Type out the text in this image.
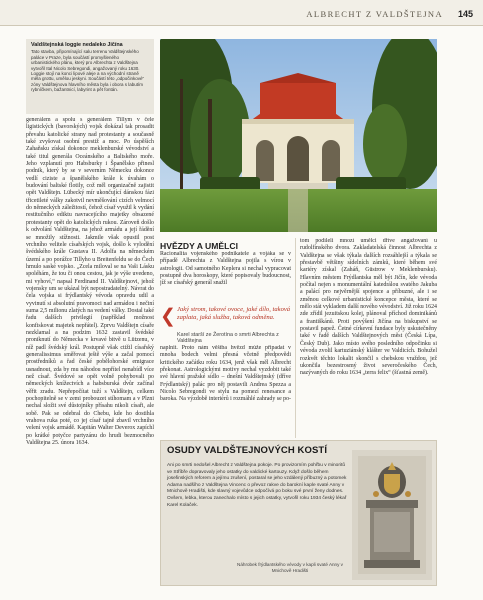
ALBRECHT Z VALDŠTEJNA 145
Valdštejnská loggie nedaleko Jičína
Tato stavba, připomínající salu terrenu Valdštejnského paláce v Praze, byla součástí promyšleného urbanistického plánu, který pro Albrechta z Valdštejna vytvořil Ital Nicolo Sebregondi, angažovaný roku 1630. Loggie stojí na konci lipové aleje a na východní straně měla grottu, umělou jeskyni. Součástí této „odpočinkové“ zóny Valdštejnova hlavního města byla i obora s labutím rybníčkem, bažantnicí, labyrint a pět fontán.

generálem a spolu s generálem Tillym v čele ligistických (bavorských) vojsk dokázal tak prosadit převahu katolické strany nad protestanty a současně také zvyšovat osobní prestiž a moc. Po úspěších Zahaňsku získal dokonce meklenburské vévodství a také titul generála Oceánského a Baltského moře. Jeho vzplanutí pro Habsburky i Španělsko přinesl podnik, který by se v severním Německu dokonce vedlí ciziste a španělského krále k úvahám o budování baltské flotily, což měl organizačně zajistit opět Valdštejn. Lübecký mír ukončující dánskou fázi třicetileté války zakotvil nevměšování cizích velmocí do německých záležitostí, čehož císař využil k vydání restitučního ediktu navracejícího majetky obsazené protestanty opět do katolických rukou. Zároveň došlo k odvolání Valdštejna, na jehož armádu a její řádění se množily stížnosti. Jakmile však opustil post vrchního velitele císařských vojsk, došlo k vylodění švédského krále Gustava II. Adolfa na německém území a po porážce Tillyho u Breitenfeldu se do Čech hrnulo saské vojsko. „Zcela miloval se na Vaši Lásku spoléhám, že tou či onou cestou, jak je výše uvedeno, mi vyhoví,“ napsal Ferdinand II. Valdštejnovi, jehož vojensky um se ukázal být nepostradatelný. Návrat do čela vojska si frýdlantský vévoda opravdu udil a vyvinutí si absolutní pravomoci nad armádou i nečiní suma 2,5 milionu zlatých na vedení války. Dostal také řadu dalších privilegií (například možnost konfiskovat majetek nepřátel). Zprvu Valdštejn císaře nezklamal a na podzim 1632 zastavil švédské proniknutí do Německa v krvavé bitvě u Lützenu, v níž padl švédský král. Postupně však ctižil císařský generalissimus směřovat ještě výše a začal pomocí prostředníků a řad české pobělohorské emigrace usnadnout, zda by mu náhodou nepřítel nenabídl více než císař. Švédové se opět volně pohybovali po německých knížectvích a habsburská dvůr začínal věřit zradu. Nepřepočítat tuží s Valdštejn, celkem pochopitelně se v zemi probouzet stíhomam a v Plzni nechal složit své důstojníky přísahu nikoli císaři, ale sobě. Pak se odebral do Chebu, kde ho dostihla vrahova ruka poté, co jej císař tajně zbavil vrchního velení vojsk armádě. Kapitán Walter Deverox zapíchl po krátké potyčce partyzánu do hrudi bezmocného Valdštejna 25. února 1634.

HVĚZDY A UMĚLCI

Racionalita vojenského podnikatele a vojáka se v případě Albrechta z Valdštejna pojila s vírou v astrologii. Od samotného Keplera si nechal vypracovat postupně dva horoskopy, které popisovaly budoucnost, jíž se císařský generál snažil

❮ Jaký strom, takové ovoce, jaké dílo, taková zaplata, jaká služba, taková odměna.
Karel starší ze Žerotína o smrti Albrechta z Valdštejna

naplnit. Proto nám věštba hvězd může připadat v mnoha bodech velmi přesná včetně předpovědi kritického začátku roku 1634, jenž však měl Albrecht překonat. Astrologickými motivy nechal vyzdobit také své hlavní pražské sídlo – dnešní Valdštejnský (dříve Frýdlantský) palác pro něj postavili Andrea Spezza a Nicolo Sebregondi ve stylu na pomezí renesance a baroka. Na výzdobě interiérů i rozmáhlé zahrady se po-

tom podíleli mnozí umělci dříve angažovaní u rudolfínského dvora. Zakladatelská činnost Albrechta z Valdštejna se však týkala dalších rozsáhlejší a týkala se přestavbě většiny sídelních zámků, které během své kariéry získal (Zaháň, Güstrow v Meklenbursku). Hlavním městem Frýdlantska měl být Jičín, kde vévoda počítal nejen s monumentální katedrálou svatého Jakuba a palácí pro nejvěrnější spojence a příbuzné, ale i se změnou celkové urbanistické koncepce města, které se mělo stát vykladem další nového vévodství. Již roku 1624 zde zřídil jezuitskou kolej, plánoval příchod dominikánů a františkánů. Proti povýšení Jičína na biskupství se postavil papež. Četné církevní fundace byly uskutečněny také v řadě dalších Valdštejnových měst (Česká Lípa, Český Dub). Jako místo svého posledního odpočinku si vévoda zvolil kartuziánský klášter ve Valdicích. Bohužel rozkvět těchto lokalit skončil s chebskou vraždou, jež ukončila bezestrosmý život severočeského Čech, nazývaných do roku 1634 „terra felix“ (šťastná země).

OSUDY VALDŠTEJNOVÝCH KOSTÍ
Ani po smrti nedošel Albrecht z Valdštejna pokoje. Po provizorním pohřbu v minoritů ve Stříbře dopravovaly jeho ostatky do valdické kartouzy. Když došlo během josefinských reforem a jejímu zrušení, postaral se jeho vzdálený příbuzný a potomek Adama nadšího z Valdštejna Vincenc o převoz rakve do barokní kaple svaté Anny v Mnichově Hradišti, kde slavný vojevůdce odpočívá po boku své první ženy dodnes. Ovšem, lebka, kterou zanechalo místo s jejich ostatky, vytvořil roku 1934 český lékař Karel Kolaček.
Náhrobek frýdlantského vévody v kapli svaté Anny v Mnichově Hradišti
